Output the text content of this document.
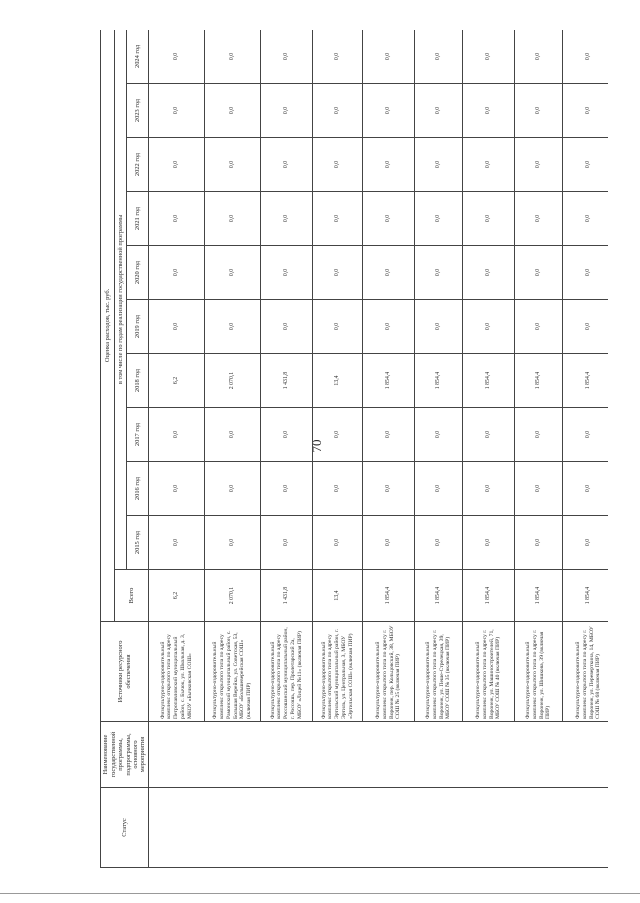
70
Статус	Наименование государственной программы, подпрограммы, основного мероприятия	Источники ресурсного обеспечения	Оценка расходов, тыс. руб.										
			Всего	в том числе по годам реализации государственной программы									
				2015 год	2016 год	2017 год	2018 год	2019 год	2020 год	2021 год	2022 год	2023 год	2024 год
		Физкультурно-оздоровительный комплекс открытого типа по адресу Петропавловский муниципальный район, с. Бычок, ул. Школьная, д. 3, МКОУ «Бычковская СОШ»	6,2	0,0	0,0	0,0	6,2	0,0	0,0	0,0	0,0	0,0	0,0
		Физкультурно-оздоровительный комплекс открытого типа по адресу Рамонский муниципальный район, с. Большая Верейка, ул. Советская, 53, МБОУ «Большеверейская СОШ» (включая ПИР)	2 070,1	0,0	0,0	0,0	2 070,1	0,0	0,0	0,0	0,0	0,0	0,0
		Физкультурно-оздоровительный комплекс открытого типа по адресу Россошанский муниципальный район, г. Россошь, пер. Пролетарский 2а, МБОУ «Лицей №11» (включая ПИР)	1 431,8	0,0	0,0	0,0	1 431,8	0,0	0,0	0,0	0,0	0,0	0,0
		Физкультурно-оздоровительный комплекс открытого типа по адресу Эртильский муниципальный район, г. Эртиль, ул. Центральная, 3, МБОУ «Эртильская СОШ» (включая ПИР)	13,4	0,0	0,0	0,0	13,4	0,0	0,0	0,0	0,0	0,0	0,0
		Физкультурно-оздоровительный комплекс открытого типа по адресу г. Воронеж, пер. Кольцовский, 38, МБОУ СОШ № 25 (включая ПИР)	1 854,4	0,0	0,0	0,0	1 854,4	0,0	0,0	0,0	0,0	0,0	0,0
		Физкультурно-оздоровительный комплекс открытого типа по адресу г. Воронеж, ул. Пеше-Стрелецкая, 39, МБОУ СОШ № 35 (включая ПИР)	1 854,4	0,0	0,0	0,0	1 854,4	0,0	0,0	0,0	0,0	0,0	0,0
		Физкультурно-оздоровительный комплекс открытого типа по адресу г. Воронеж, ул. Машиностроителей, 71, МБОУ СОШ № 40 (включая ПИР)	1 854,4	0,0	0,0	0,0	1 854,4	0,0	0,0	0,0	0,0	0,0	0,0
		Физкультурно-оздоровительный комплекс открытого типа по адресу г. Воронеж, ул. Шишкова, 39 (включая ПИР)	1 854,4	0,0	0,0	0,0	1 854,4	0,0	0,0	0,0	0,0	0,0	0,0
		Физкультурно-оздоровительный комплекс открытого типа по адресу г. Воронеж, ул. Переверткина, 14, МБОУ СОШ № 68 (включая ПИР)	1 854,4	0,0	0,0	0,0	1 854,4	0,0	0,0	0,0	0,0	0,0	0,0
